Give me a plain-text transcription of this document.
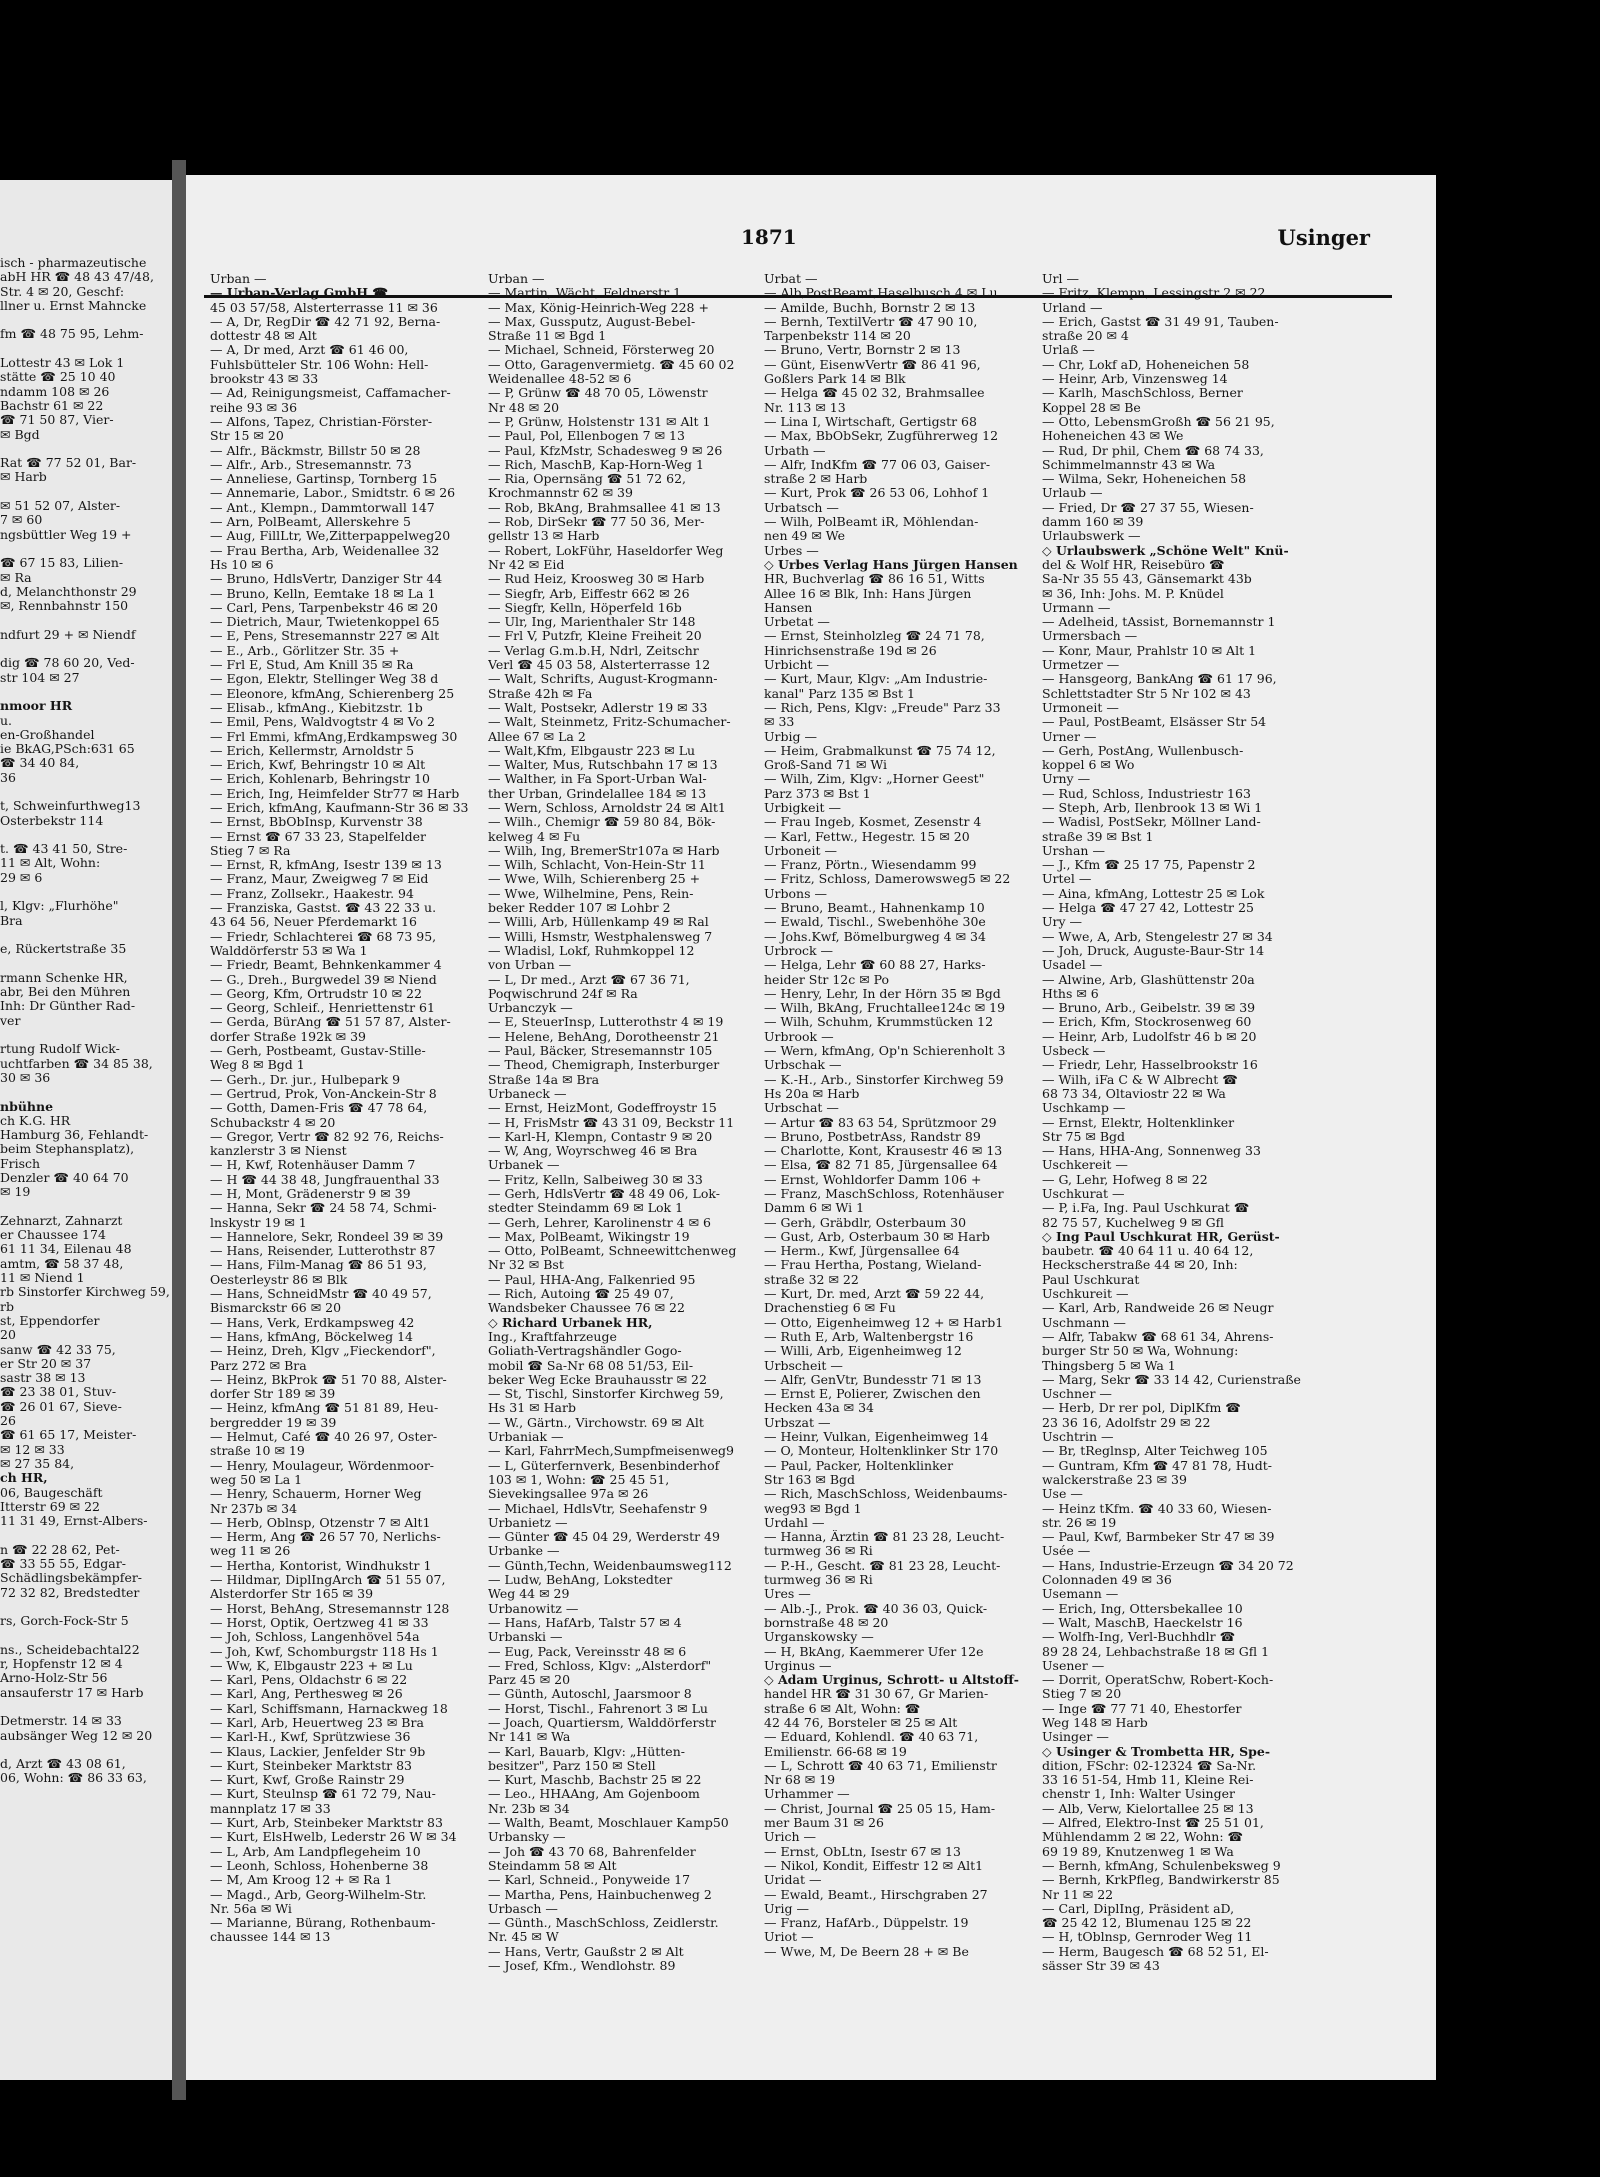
isch - pharmazeutische
abH HR ☎ 48 43 47/48,
Str. 4 ✉ 20, Geschf:
llner u. Ernst Mahncke

fm ☎ 48 75 95, Lehm-

Lottestr 43 ✉ Lok 1
stätte ☎ 25 10 40
ndamm 108 ✉ 26
Bachstr 61 ✉ 22
☎ 71 50 87, Vier-
✉ Bgd

Rat ☎ 77 52 01, Bar-
✉ Harb

✉ 51 52 07, Alster-
7 ✉ 60
ngsbüttler Weg 19 +

☎ 67 15 83, Lilien-
✉ Ra
d, Melanchthonstr 29
✉, Rennbahnstr 150

ndfurt 29 + ✉ Niendf

dig ☎ 78 60 20, Ved-
str 104 ✉ 27

nmoor HR
u.
en-Großhandel
ie BkAG,PSch:631 65
☎ 34 40 84,
36

t, Schweinfurthweg13
Osterbekstr 114

t. ☎ 43 41 50, Stre-
11 ✉ Alt, Wohn:
29 ✉ 6

l, Klgv: „Flurhöhe"
Bra

e, Rückertstraße 35

rmann Schenke HR,
abr, Bei den Mühren
Inh: Dr Günther Rad-
ver

rtung Rudolf Wick-
uchtfarben ☎ 34 85 38,
30 ✉ 36

nbühne
ch K.G. HR
Hamburg 36, Fehlandt-
beim Stephansplatz),
Frisch
Denzler ☎ 40 64 70
✉ 19

Zehnarzt, Zahnarzt
er Chaussee 174
61 11 34, Eilenau 48
amtm, ☎ 58 37 48,
11 ✉ Niend 1
rb Sinstorfer Kirchweg 59,
rb
st, Eppendorfer
20
sanw ☎ 42 33 75,
er Str 20 ✉ 37
sastr 38 ✉ 13
☎ 23 38 01, Stuv-
☎ 26 01 67, Sieve-
26
☎ 61 65 17, Meister-
✉ 12 ✉ 33
✉ 27 35 84,
ch HR,
06, Baugeschäft
Itterstr 69 ✉ 22
11 31 49, Ernst-Albers-

n ☎ 22 28 62, Pet-
☎ 33 55 55, Edgar-
Schädlingsbekämpfer-
72 32 82, Bredstedter

rs, Gorch-Fock-Str 5

ns., Scheidebachtal22
r, Hopfenstr 12 ✉ 4
Arno-Holz-Str 56
ansauferstr 17 ✉ Harb

Detmerstr. 14 ✉ 33
aubsänger Weg 12 ✉ 20

d, Arzt ☎ 43 08 61,
06, Wohn: ☎ 86 33 63,
1871	Usinger
Urban —
— Urban-Verlag GmbH ☎
45 03 57/58, Alsterterrasse 11 ✉ 36
— A, Dr, RegDir ☎ 42 71 92, Berna-
dottestr 48 ✉ Alt
— A, Dr med, Arzt ☎ 61 46 00,
Fuhlsbütteler Str. 106 Wohn: Hell-
brookstr 43 ✉ 33
— Ad, Reinigungsmeist, Caffamacher-
reihe 93 ✉ 36
— Alfons, Tapez, Christian-Förster-
Str 15 ✉ 20
— Alfr., Bäckmstr, Billstr 50 ✉ 28
— Alfr., Arb., Stresemannstr. 73
— Anneliese, Gartinsp, Tornberg 15
— Annemarie, Labor., Smidtstr. 6 ✉ 26
— Ant., Klempn., Dammtorwall 147
— Arn, PolBeamt, Allerskehre 5
— Aug, FillLtr, We,Zitterpappelweg20
— Frau Bertha, Arb, Weidenallee 32
Hs 10 ✉ 6
— Bruno, HdlsVertr, Danziger Str 44
— Bruno, Kelln, Eemtake 18 ✉ La 1
— Carl, Pens, Tarpenbekstr 46 ✉ 20
— Dietrich, Maur, Twietenkoppel 65
— E, Pens, Stresemannstr 227 ✉ Alt
— E., Arb., Görlitzer Str. 35 +
— Frl E, Stud, Am Knill 35 ✉ Ra
— Egon, Elektr, Stellinger Weg 38 d
— Eleonore, kfmAng, Schierenberg 25
— Elisab., kfmAng., Kiebitzstr. 1b
— Emil, Pens, Waldvogtstr 4 ✉ Vo 2
— Frl Emmi, kfmAng,Erdkampsweg 30
— Erich, Kellermstr, Arnoldstr 5
— Erich, Kwf, Behringstr 10 ✉ Alt
— Erich, Kohlenarb, Behringstr 10
— Erich, Ing, Heimfelder Str77 ✉ Harb
— Erich, kfmAng, Kaufmann-Str 36 ✉ 33
— Ernst, BbObInsp, Kurvenstr 38
— Ernst ☎ 67 33 23, Stapelfelder
Stieg 7 ✉ Ra
— Ernst, R, kfmAng, Isestr 139 ✉ 13
— Franz, Maur, Zweigweg 7 ✉ Eid
— Franz, Zollsekr., Haakestr. 94
— Franziska, Gastst. ☎ 43 22 33 u.
43 64 56, Neuer Pferdemarkt 16
— Friedr, Schlachterei ☎ 68 73 95,
Walddörferstr 53 ✉ Wa 1
— Friedr, Beamt, Behnkenkammer 4
— G., Dreh., Burgwedel 39 ✉ Niend
— Georg, Kfm, Ortrudstr 10 ✉ 22
— Georg, Schleif., Henriettenstr 61
— Gerda, BürAng ☎ 51 57 87, Alster-
dorfer Straße 192k ✉ 39
— Gerh, Postbeamt, Gustav-Stille-
Weg 8 ✉ Bgd 1
— Gerh., Dr. jur., Hulbepark 9
— Gertrud, Prok, Von-Anckein-Str 8
— Gotth, Damen-Fris ☎ 47 78 64,
Schubackstr 4 ✉ 20
— Gregor, Vertr ☎ 82 92 76, Reichs-
kanzlerstr 3 ✉ Nienst
— H, Kwf, Rotenhäuser Damm 7
— H ☎ 44 38 48, Jungfrauenthal 33
— H, Mont, Grädenerstr 9 ✉ 39
— Hanna, Sekr ☎ 24 58 74, Schmi-
lnskystr 19 ✉ 1
— Hannelore, Sekr, Rondeel 39 ✉ 39
— Hans, Reisender, Lutterothstr 87
— Hans, Film-Manag ☎ 86 51 93,
Oesterleystr 86 ✉ Blk
— Hans, SchneidMstr ☎ 40 49 57,
Bismarckstr 66 ✉ 20
— Hans, Verk, Erdkampsweg 42
— Hans, kfmAng, Böckelweg 14
— Heinz, Dreh, Klgv „Fieckendorf",
Parz 272 ✉ Bra
— Heinz, BkProk ☎ 51 70 88, Alster-
dorfer Str 189 ✉ 39
— Heinz, kfmAng ☎ 51 81 89, Heu-
bergredder 19 ✉ 39
— Helmut, Café ☎ 40 26 97, Oster-
straße 10 ✉ 19
— Henry, Moulageur, Wördenmoor-
weg 50 ✉ La 1
— Henry, Schauerm, Horner Weg
Nr 237b ✉ 34
— Herb, Oblnsp, Otzenstr 7 ✉ Alt1
— Herm, Ang ☎ 26 57 70, Nerlichs-
weg 11 ✉ 26
— Hertha, Kontorist, Windhukstr 1
— Hildmar, DiplIngArch ☎ 51 55 07,
Alsterdorfer Str 165 ✉ 39
— Horst, BehAng, Stresemannstr 128
— Horst, Optik, Oertzweg 41 ✉ 33
— Joh, Schloss, Langenhövel 54a
— Joh, Kwf, Schomburgstr 118 Hs 1
— Ww, K, Elbgaustr 223 + ✉ Lu
— Karl, Pens, Oldachstr 6 ✉ 22
— Karl, Ang, Perthesweg ✉ 26
— Karl, Schiffsmann, Harnackweg 18
— Karl, Arb, Heuertweg 23 ✉ Bra
— Karl-H., Kwf, Sprützwiese 36
— Klaus, Lackier, Jenfelder Str 9b
— Kurt, Steinbeker Marktstr 83
— Kurt, Kwf, Große Rainstr 29
— Kurt, Steulnsp ☎ 61 72 79, Nau-
mannplatz 17 ✉ 33
— Kurt, Arb, Steinbeker Marktstr 83
— Kurt, ElsHwelb, Lederstr 26 W ✉ 34
— L, Arb, Am Landpflegeheim 10
— Leonh, Schloss, Hohenberne 38
— M, Am Kroog 12 + ✉ Ra 1
— Magd., Arb, Georg-Wilhelm-Str.
Nr. 56a ✉ Wi
— Marianne, Bürang, Rothenbaum-
chaussee 144 ✉ 13
Urban —
— Martin, Wächt, Feldnerstr 1
— Max, König-Heinrich-Weg 228 +
— Max, Gussputz, August-Bebel-
Straße 11 ✉ Bgd 1
— Michael, Schneid, Försterweg 20
— Otto, Garagenvermietg. ☎ 45 60 02
Weidenallee 48-52 ✉ 6
— P, Grünw ☎ 48 70 05, Löwenstr
Nr 48 ✉ 20
— P, Grünw, Holstenstr 131 ✉ Alt 1
— Paul, Pol, Ellenbogen 7 ✉ 13
— Paul, KfzMstr, Schadesweg 9 ✉ 26
— Rich, MaschB, Kap-Horn-Weg 1
— Ria, Opernsäng ☎ 51 72 62,
Krochmannstr 62 ✉ 39
— Rob, BkAng, Brahmsallee 41 ✉ 13
— Rob, DirSekr ☎ 77 50 36, Mer-
gellstr 13 ✉ Harb
— Robert, LokFühr, Haseldorfer Weg
Nr 42 ✉ Eid
— Rud Heiz, Kroosweg 30 ✉ Harb
— Siegfr, Arb, Eiffestr 662 ✉ 26
— Siegfr, Kelln, Höperfeld 16b
— Ulr, Ing, Marienthaler Str 148
— Frl V, Putzfr, Kleine Freiheit 20
— Verlag G.m.b.H, Ndrl, Zeitschr
Verl ☎ 45 03 58, Alsterterrasse 12
— Walt, Schrifts, August-Krogmann-
Straße 42h ✉ Fa
— Walt, Postsekr, Adlerstr 19 ✉ 33
— Walt, Steinmetz, Fritz-Schumacher-
Allee 67 ✉ La 2
— Walt,Kfm, Elbgaustr 223 ✉ Lu
— Walter, Mus, Rutschbahn 17 ✉ 13
— Walther, in Fa Sport-Urban Wal-
ther Urban, Grindelallee 184 ✉ 13
— Wern, Schloss, Arnoldstr 24 ✉ Alt1
— Wilh., Chemigr ☎ 59 80 84, Bök-
kelweg 4 ✉ Fu
— Wilh, Ing, BremerStr107a ✉ Harb
— Wilh, Schlacht, Von-Hein-Str 11
— Wwe, Wilh, Schierenberg 25 +
— Wwe, Wilhelmine, Pens, Rein-
beker Redder 107 ✉ Lohbr 2
— Willi, Arb, Hüllenkamp 49 ✉ Ral
— Willi, Hsmstr, Westphalensweg 7
— Wladisl, Lokf, Ruhmkoppel 12
von Urban —
— L, Dr med., Arzt ☎ 67 36 71,
Poqwischrund 24f ✉ Ra
Urbanczyk —
— E, SteuerInsp, Lutterothstr 4 ✉ 19
— Helene, BehAng, Dorotheenstr 21
— Paul, Bäcker, Stresemannstr 105
— Theod, Chemigraph, Insterburger
Straße 14a ✉ Bra
Urbaneck —
— Ernst, HeizMont, Godeffroystr 15
— H, FrisMstr ☎ 43 31 09, Beckstr 11
— Karl-H, Klempn, Contastr 9 ✉ 20
— W, Ang, Woyrschweg 46 ✉ Bra
Urbanek —
— Fritz, Kelln, Salbeiweg 30 ✉ 33
— Gerh, HdlsVertr ☎ 48 49 06, Lok-
stedter Steindamm 69 ✉ Lok 1
— Gerh, Lehrer, Karolinenstr 4 ✉ 6
— Max, PolBeamt, Wikingstr 19
— Otto, PolBeamt, Schneewittchenweg
Nr 32 ✉ Bst
— Paul, HHA-Ang, Falkenried 95
— Rich, Autoing ☎ 25 49 07,
Wandsbeker Chaussee 76 ✉ 22
◇ Richard Urbanek HR,
Ing., Kraftfahrzeuge
Goliath-Vertragshändler Gogo-
mobil ☎ Sa-Nr 68 08 51/53, Eil-
beker Weg Ecke Brauhausstr ✉ 22
— St, Tischl, Sinstorfer Kirchweg 59,
Hs 31 ✉ Harb
— W., Gärtn., Virchowstr. 69 ✉ Alt
Urbaniak —
— Karl, FahrrMech,Sumpfmeisenweg9
— L, Güterfernverk, Besenbinderhof
103 ✉ 1, Wohn: ☎ 25 45 51,
Sievekingsallee 97a ✉ 26
— Michael, HdlsVtr, Seehafenstr 9
Urbanietz —
— Günter ☎ 45 04 29, Werderstr 49
Urbanke —
— Günth,Techn, Weidenbaumsweg112
— Ludw, BehAng, Lokstedter
Weg 44 ✉ 29
Urbanowitz —
— Hans, HafArb, Talstr 57 ✉ 4
Urbanski —
— Eug, Pack, Vereinsstr 48 ✉ 6
— Fred, Schloss, Klgv: „Alsterdorf"
Parz 45 ✉ 20
— Günth, Autoschl, Jaarsmoor 8
— Horst, Tischl., Fahrenort 3 ✉ Lu
— Joach, Quartiersm, Walddörferstr
Nr 141 ✉ Wa
— Karl, Bauarb, Klgv: „Hütten-
besitzer", Parz 150 ✉ Stell
— Kurt, Maschb, Bachstr 25 ✉ 22
— Leo., HHAAng, Am Gojenboom
Nr. 23b ✉ 34
— Walth, Beamt, Moschlauer Kamp50
Urbansky —
— Joh ☎ 43 70 68, Bahrenfelder
Steindamm 58 ✉ Alt
— Karl, Schneid., Ponyweide 17
— Martha, Pens, Hainbuchenweg 2
Urbasch —
— Günth., MaschSchloss, Zeidlerstr.
Nr. 45 ✉ W
— Hans, Vertr, Gaußstr 2 ✉ Alt
— Josef, Kfm., Wendlohstr. 89
Urbat —
— Alb,PostBeamt,Haselbusch 4 ✉ Lu
— Amilde, Buchh, Bornstr 2 ✉ 13
— Bernh, TextilVertr ☎ 47 90 10,
Tarpenbekstr 114 ✉ 20
— Bruno, Vertr, Bornstr 2 ✉ 13
— Günt, EisenwVertr ☎ 86 41 96,
Goßlers Park 14 ✉ Blk
— Helga ☎ 45 02 32, Brahmsallee
Nr. 113 ✉ 13
— Lina I, Wirtschaft, Gertigstr 68
— Max, BbObSekr, Zugführerweg 12
Urbath —
— Alfr, IndKfm ☎ 77 06 03, Gaiser-
straße 2 ✉ Harb
— Kurt, Prok ☎ 26 53 06, Lohhof 1
Urbatsch —
— Wilh, PolBeamt iR, Möhlendan-
nen 49 ✉ We
Urbes —
◇ Urbes Verlag Hans Jürgen Hansen
HR, Buchverlag ☎ 86 16 51, Witts
Allee 16 ✉ Blk, Inh: Hans Jürgen
Hansen
Urbetat —
— Ernst, Steinholzleg ☎ 24 71 78,
Hinrichsenstraße 19d ✉ 26
Urbicht —
— Kurt, Maur, Klgv: „Am Industrie-
kanal" Parz 135 ✉ Bst 1
— Rich, Pens, Klgv: „Freude" Parz 33
✉ 33
Urbig —
— Heim, Grabmalkunst ☎ 75 74 12,
Groß-Sand 71 ✉ Wi
— Wilh, Zim, Klgv: „Horner Geest"
Parz 373 ✉ Bst 1
Urbigkeit —
— Frau Ingeb, Kosmet, Zesenstr 4
— Karl, Fettw., Hegestr. 15 ✉ 20
Urboneit —
— Franz, Pörtn., Wiesendamm 99
— Fritz, Schloss, Damerowsweg5 ✉ 22
Urbons —
— Bruno, Beamt., Hahnenkamp 10
— Ewald, Tischl., Swebenhöhe 30e
— Johs.Kwf, Bömelburgweg 4 ✉ 34
Urbrock —
— Helga, Lehr ☎ 60 88 27, Harks-
heider Str 12c ✉ Po
— Henry, Lehr, In der Hörn 35 ✉ Bgd
— Wilh, BkAng, Fruchtallee124c ✉ 19
— Wilh, Schuhm, Krummstücken 12
Urbrook —
— Wern, kfmAng, Op'n Schierenholt 3
Urbschak —
— K.-H., Arb., Sinstorfer Kirchweg 59
Hs 20a ✉ Harb
Urbschat —
— Artur ☎ 83 63 54, Sprützmoor 29
— Bruno, PostbetrAss, Randstr 89
— Charlotte, Kont, Krausestr 46 ✉ 13
— Elsa, ☎ 82 71 85, Jürgensallee 64
— Ernst, Wohldorfer Damm 106 +
— Franz, MaschSchloss, Rotenhäuser
Damm 6 ✉ Wi 1
— Gerh, Gräbdlr, Osterbaum 30
— Gust, Arb, Osterbaum 30 ✉ Harb
— Herm., Kwf, Jürgensallee 64
— Frau Hertha, Postang, Wieland-
straße 32 ✉ 22
— Kurt, Dr. med, Arzt ☎ 59 22 44,
Drachenstieg 6 ✉ Fu
— Otto, Eigenheimweg 12 + ✉ Harb1
— Ruth E, Arb, Waltenbergstr 16
— Willi, Arb, Eigenheimweg 12
Urbscheit —
— Alfr, GenVtr, Bundesstr 71 ✉ 13
— Ernst E, Polierer, Zwischen den
Hecken 43a ✉ 34
Urbszat —
— Heinr, Vulkan, Eigenheimweg 14
— O, Monteur, Holtenklinker Str 170
— Paul, Packer, Holtenklinker
Str 163 ✉ Bgd
— Rich, MaschSchloss, Weidenbaums-
weg93 ✉ Bgd 1
Urdahl —
— Hanna, Ärztin ☎ 81 23 28, Leucht-
turmweg 36 ✉ Ri
— P.-H., Gescht. ☎ 81 23 28, Leucht-
turmweg 36 ✉ Ri
Ures —
— Alb.-J., Prok. ☎ 40 36 03, Quick-
bornstraße 48 ✉ 20
Urganskowsky —
— H, BkAng, Kaemmerer Ufer 12e
Urginus —
◇ Adam Urginus, Schrott- u Altstoff-
handel HR ☎ 31 30 67, Gr Marien-
straße 6 ✉ Alt, Wohn: ☎
42 44 76, Borsteler ✉ 25 ✉ Alt
— Eduard, Kohlendl. ☎ 40 63 71,
Emilienstr. 66-68 ✉ 19
— L, Schrott ☎ 40 63 71, Emilienstr
Nr 68 ✉ 19
Urhammer —
— Christ, Journal ☎ 25 05 15, Ham-
mer Baum 31 ✉ 26
Urich —
— Ernst, ObLtn, Isestr 67 ✉ 13
— Nikol, Kondit, Eiffestr 12 ✉ Alt1
Uridat —
— Ewald, Beamt., Hirschgraben 27
Urig —
— Franz, HafArb., Düppelstr. 19
Uriot —
— Wwe, M, De Beern 28 + ✉ Be
Url —
— Fritz, Klempn, Lessingstr 2 ✉ 22
Urland —
— Erich, Gastst ☎ 31 49 91, Tauben-
straße 20 ✉ 4
Urlaß —
— Chr, Lokf aD, Hoheneichen 58
— Heinr, Arb, Vinzensweg 14
— Karlh, MaschSchloss, Berner
Koppel 28 ✉ Be
— Otto, LebensmGroßh ☎ 56 21 95,
Hoheneichen 43 ✉ We
— Rud, Dr phil, Chem ☎ 68 74 33,
Schimmelmannstr 43 ✉ Wa
— Wilma, Sekr, Hoheneichen 58
Urlaub —
— Fried, Dr ☎ 27 37 55, Wiesen-
damm 160 ✉ 39
Urlaubswerk —
◇ Urlaubswerk „Schöne Welt" Knü-
del & Wolf HR, Reisebüro ☎
Sa-Nr 35 55 43, Gänsemarkt 43b
✉ 36, Inh: Johs. M. P. Knüdel
Urmann —
— Adelheid, tAssist, Bornemannstr 1
Urmersbach —
— Konr, Maur, Prahlstr 10 ✉ Alt 1
Urmetzer —
— Hansgeorg, BankAng ☎ 61 17 96,
Schlettstadter Str 5 Nr 102 ✉ 43
Urmoneit —
— Paul, PostBeamt, Elsässer Str 54
Urner —
— Gerh, PostAng, Wullenbusch-
koppel 6 ✉ Wo
Urny —
— Rud, Schloss, Industriestr 163
— Steph, Arb, Ilenbrook 13 ✉ Wi 1
— Wadisl, PostSekr, Möllner Land-
straße 39 ✉ Bst 1
Urshan —
— J., Kfm ☎ 25 17 75, Papenstr 2
Urtel —
— Aina, kfmAng, Lottestr 25 ✉ Lok
— Helga ☎ 47 27 42, Lottestr 25
Ury —
— Wwe, A, Arb, Stengelestr 27 ✉ 34
— Joh, Druck, Auguste-Baur-Str 14
Usadel —
— Alwine, Arb, Glashüttenstr 20a
Hths ✉ 6
— Bruno, Arb., Geibelstr. 39 ✉ 39
— Erich, Kfm, Stockrosenweg 60
— Heinr, Arb, Ludolfstr 46 b ✉ 20
Usbeck —
— Friedr, Lehr, Hasselbrookstr 16
— Wilh, iFa C & W Albrecht ☎
68 73 34, Oltaviostr 22 ✉ Wa
Uschkamp —
— Ernst, Elektr, Holtenklinker
Str 75 ✉ Bgd
— Hans, HHA-Ang, Sonnenweg 33
Uschkereit —
— G, Lehr, Hofweg 8 ✉ 22
Uschkurat —
— P, i.Fa, Ing. Paul Uschkurat ☎
82 75 57, Kuchelweg 9 ✉ Gfl
◇ Ing Paul Uschkurat HR, Gerüst-
baubetr. ☎ 40 64 11 u. 40 64 12,
Heckscherstraße 44 ✉ 20, Inh:
Paul Uschkurat
Uschkureit —
— Karl, Arb, Randweide 26 ✉ Neugr
Uschmann —
— Alfr, Tabakw ☎ 68 61 34, Ahrens-
burger Str 50 ✉ Wa, Wohnung:
Thingsberg 5 ✉ Wa 1
— Marg, Sekr ☎ 33 14 42, Curienstraße
Uschner —
— Herb, Dr rer pol, DiplKfm ☎
23 36 16, Adolfstr 29 ✉ 22
Uschtrin —
— Br, tReglnsp, Alter Teichweg 105
— Guntram, Kfm ☎ 47 81 78, Hudt-
walckerstraße 23 ✉ 39
Use —
— Heinz tKfm. ☎ 40 33 60, Wiesen-
str. 26 ✉ 19
— Paul, Kwf, Barmbeker Str 47 ✉ 39
Usée —
— Hans, Industrie-Erzeugn ☎ 34 20 72
Colonnaden 49 ✉ 36
Usemann —
— Erich, Ing, Ottersbekallee 10
— Walt, MaschB, Haeckelstr 16
— Wolfh-Ing, Verl-Buchhdlr ☎
89 28 24, Lehbachstraße 18 ✉ Gfl 1
Usener —
— Dorrit, OperatSchw, Robert-Koch-
Stieg 7 ✉ 20
— Inge ☎ 77 71 40, Ehestorfer
Weg 148 ✉ Harb
Usinger —
◇ Usinger & Trombetta HR, Spe-
dition, FSchr: 02-12324 ☎ Sa-Nr.
33 16 51-54, Hmb 11, Kleine Rei-
chenstr 1, Inh: Walter Usinger
— Alb, Verw, Kielortallee 25 ✉ 13
— Alfred, Elektro-Inst ☎ 25 51 01,
Mühlendamm 2 ✉ 22, Wohn: ☎
69 19 89, Knutzenweg 1 ✉ Wa
— Bernh, kfmAng, Schulenbeksweg 9
— Bernh, KrkPfleg, Bandwirkerstr 85
Nr 11 ✉ 22
— Carl, DiplIng, Präsident aD,
☎ 25 42 12, Blumenau 125 ✉ 22
— H, tOblnsp, Gernroder Weg 11
— Herm, Baugesch ☎ 68 52 51, El-
sässer Str 39 ✉ 43
